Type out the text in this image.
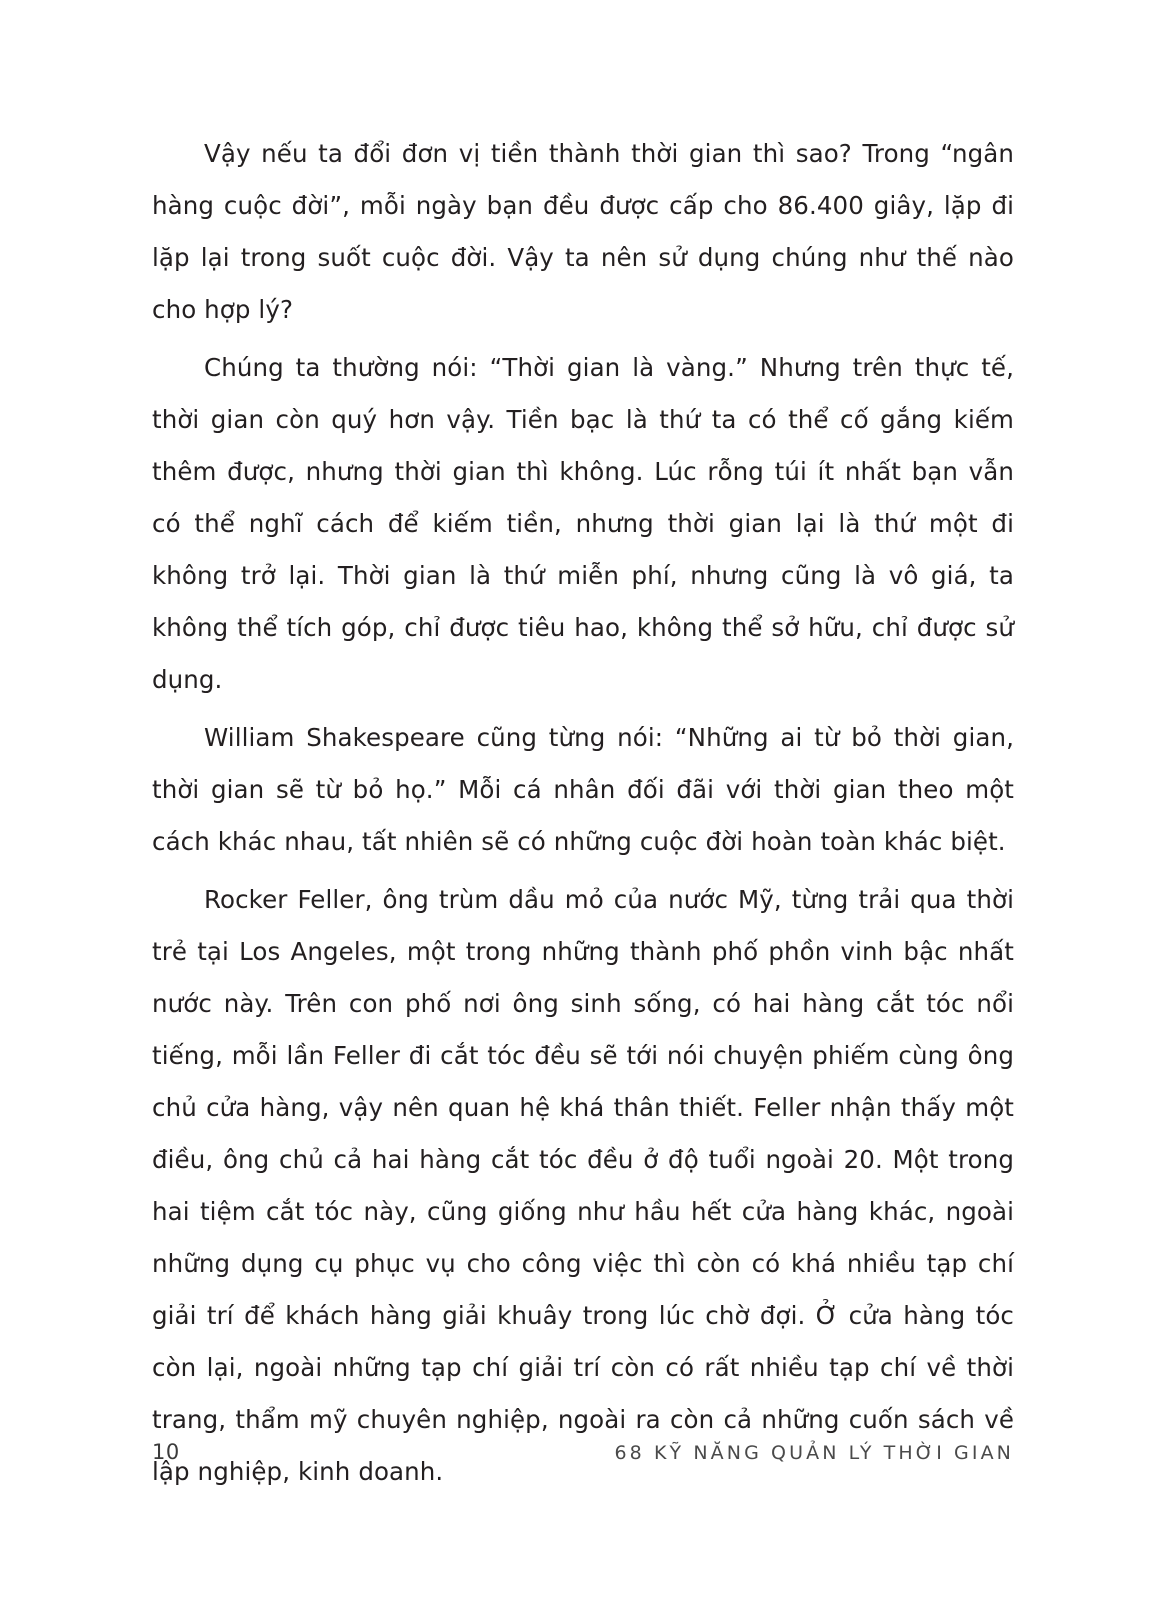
Vậy nếu ta đổi đơn vị tiền thành thời gian thì sao? Trong “ngân hàng cuộc đời”, mỗi ngày bạn đều được cấp cho 86.400 giây, lặp đi lặp lại trong suốt cuộc đời. Vậy ta nên sử dụng chúng như thế nào cho hợp lý?

Chúng ta thường nói: “Thời gian là vàng.” Nhưng trên thực tế, thời gian còn quý hơn vậy. Tiền bạc là thứ ta có thể cố gắng kiếm thêm được, nhưng thời gian thì không. Lúc rỗng túi ít nhất bạn vẫn có thể nghĩ cách để kiếm tiền, nhưng thời gian lại là thứ một đi không trở lại. Thời gian là thứ miễn phí, nhưng cũng là vô giá, ta không thể tích góp, chỉ được tiêu hao, không thể sở hữu, chỉ được sử dụng.

William Shakespeare cũng từng nói: “Những ai từ bỏ thời gian, thời gian sẽ từ bỏ họ.” Mỗi cá nhân đối đãi với thời gian theo một cách khác nhau, tất nhiên sẽ có những cuộc đời hoàn toàn khác biệt.

Rocker Feller, ông trùm dầu mỏ của nước Mỹ, từng trải qua thời trẻ tại Los Angeles, một trong những thành phố phồn vinh bậc nhất nước này. Trên con phố nơi ông sinh sống, có hai hàng cắt tóc nổi tiếng, mỗi lần Feller đi cắt tóc đều sẽ tới nói chuyện phiếm cùng ông chủ cửa hàng, vậy nên quan hệ khá thân thiết. Feller nhận thấy một điều, ông chủ cả hai hàng cắt tóc đều ở độ tuổi ngoài 20. Một trong hai tiệm cắt tóc này, cũng giống như hầu hết cửa hàng khác, ngoài những dụng cụ phục vụ cho công việc thì còn có khá nhiều tạp chí giải trí để khách hàng giải khuây trong lúc chờ đợi. Ở cửa hàng tóc còn lại, ngoài những tạp chí giải trí còn có rất nhiều tạp chí về thời trang, thẩm mỹ chuyên nghiệp, ngoài ra còn cả những cuốn sách về lập nghiệp, kinh doanh.

10	68 KỸ NĂNG QUẢN LÝ THỜI GIAN
